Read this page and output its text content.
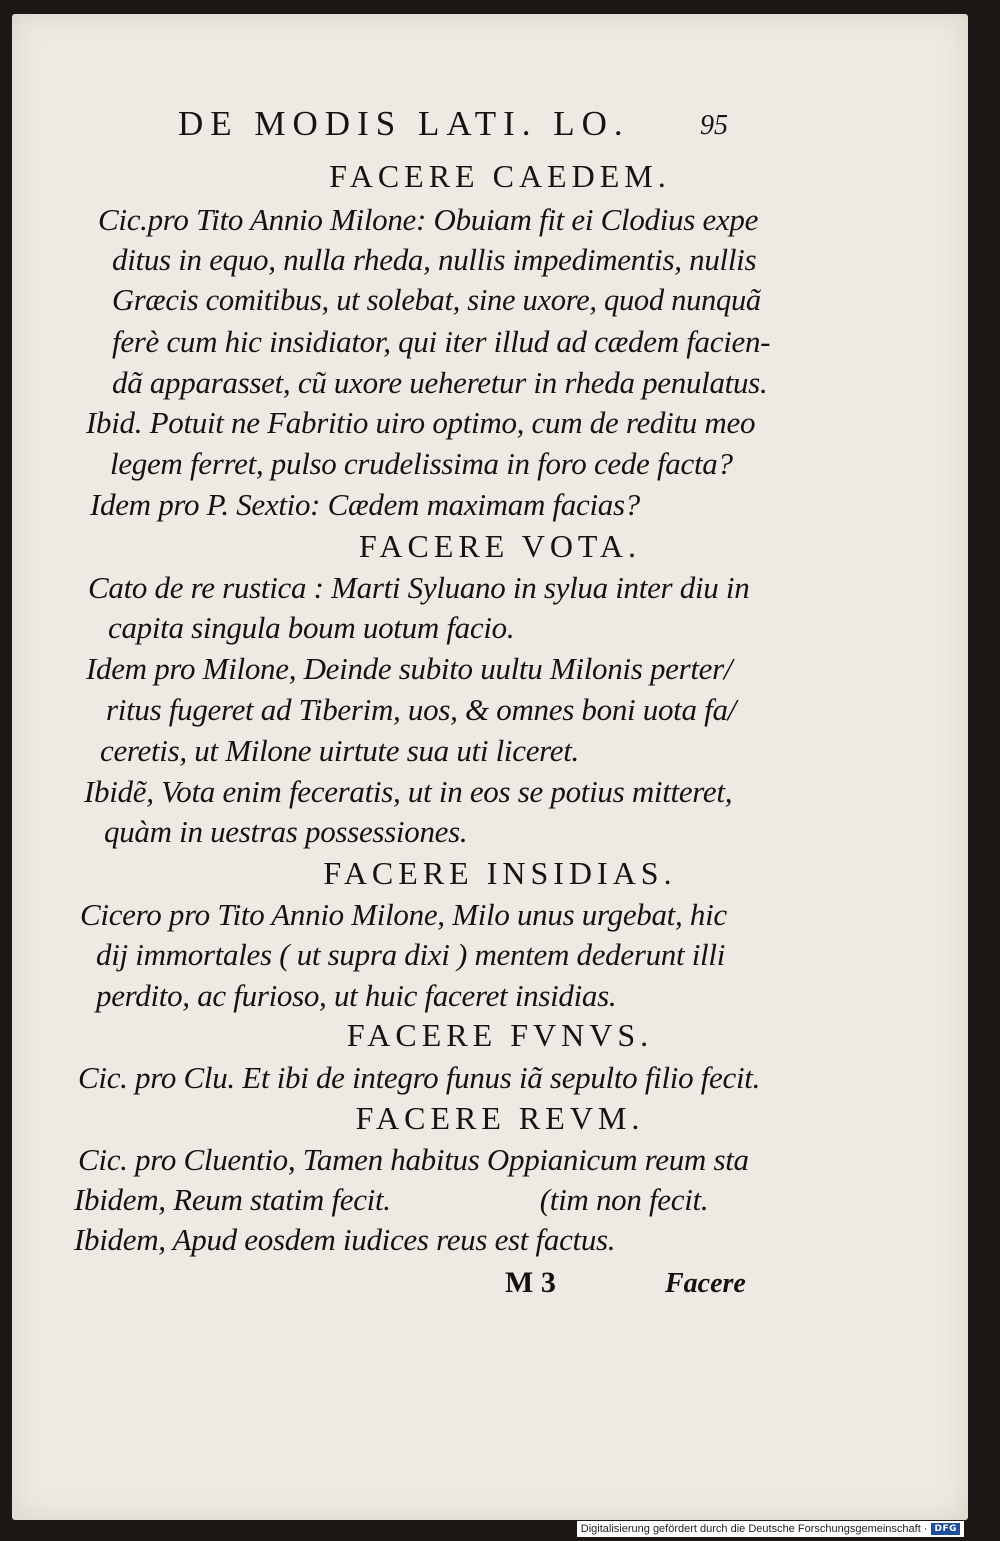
DE MODIS LATI. LO.	95
FACERE CAEDEM.
Cic.pro Tito Annio Milone: Obuiam fit ei Clodius expe
ditus in equo, nulla rheda, nullis impedimentis, nullis
Græcis comitibus, ut solebat, sine uxore, quod nunquã
ferè cum hic insidiator, qui iter illud ad cædem facien-
dã apparasset, cũ uxore ueheretur in rheda penulatus.
Ibid. Potuit ne Fabritio uiro optimo, cum de reditu meo
legem ferret, pulso crudelissima in foro cede facta?
Idem pro P. Sextio: Cædem maximam facias?
FACERE VOTA.
Cato de re rustica : Marti Syluano in sylua inter diu in
capita singula boum uotum facio.
Idem pro Milone, Deinde subito uultu Milonis perter/
ritus fugeret ad Tiberim, uos, & omnes boni uota fa/
ceretis, ut Milone uirtute sua uti liceret.
Ibidẽ, Vota enim feceratis, ut in eos se potius mitteret,
quàm in uestras possessiones.
FACERE INSIDIAS.
Cicero pro Tito Annio Milone, Milo unus urgebat, hic
dij immortales ( ut supra dixi ) mentem dederunt illi
perdito, ac furioso, ut huic faceret insidias.
FACERE FVNVS.
Cic. pro Clu. Et ibi de integro funus iã sepulto filio fecit.
FACERE REVM.
Cic. pro Cluentio, Tamen habitus Oppianicum reum sta
Ibidem, Reum statim fecit.                    (tim non fecit.
Ibidem, Apud eosdem iudices reus est factus.
M 3	Facere
Digitalisierung gefördert durch die Deutsche Forschungsgemeinschaft · DFG
